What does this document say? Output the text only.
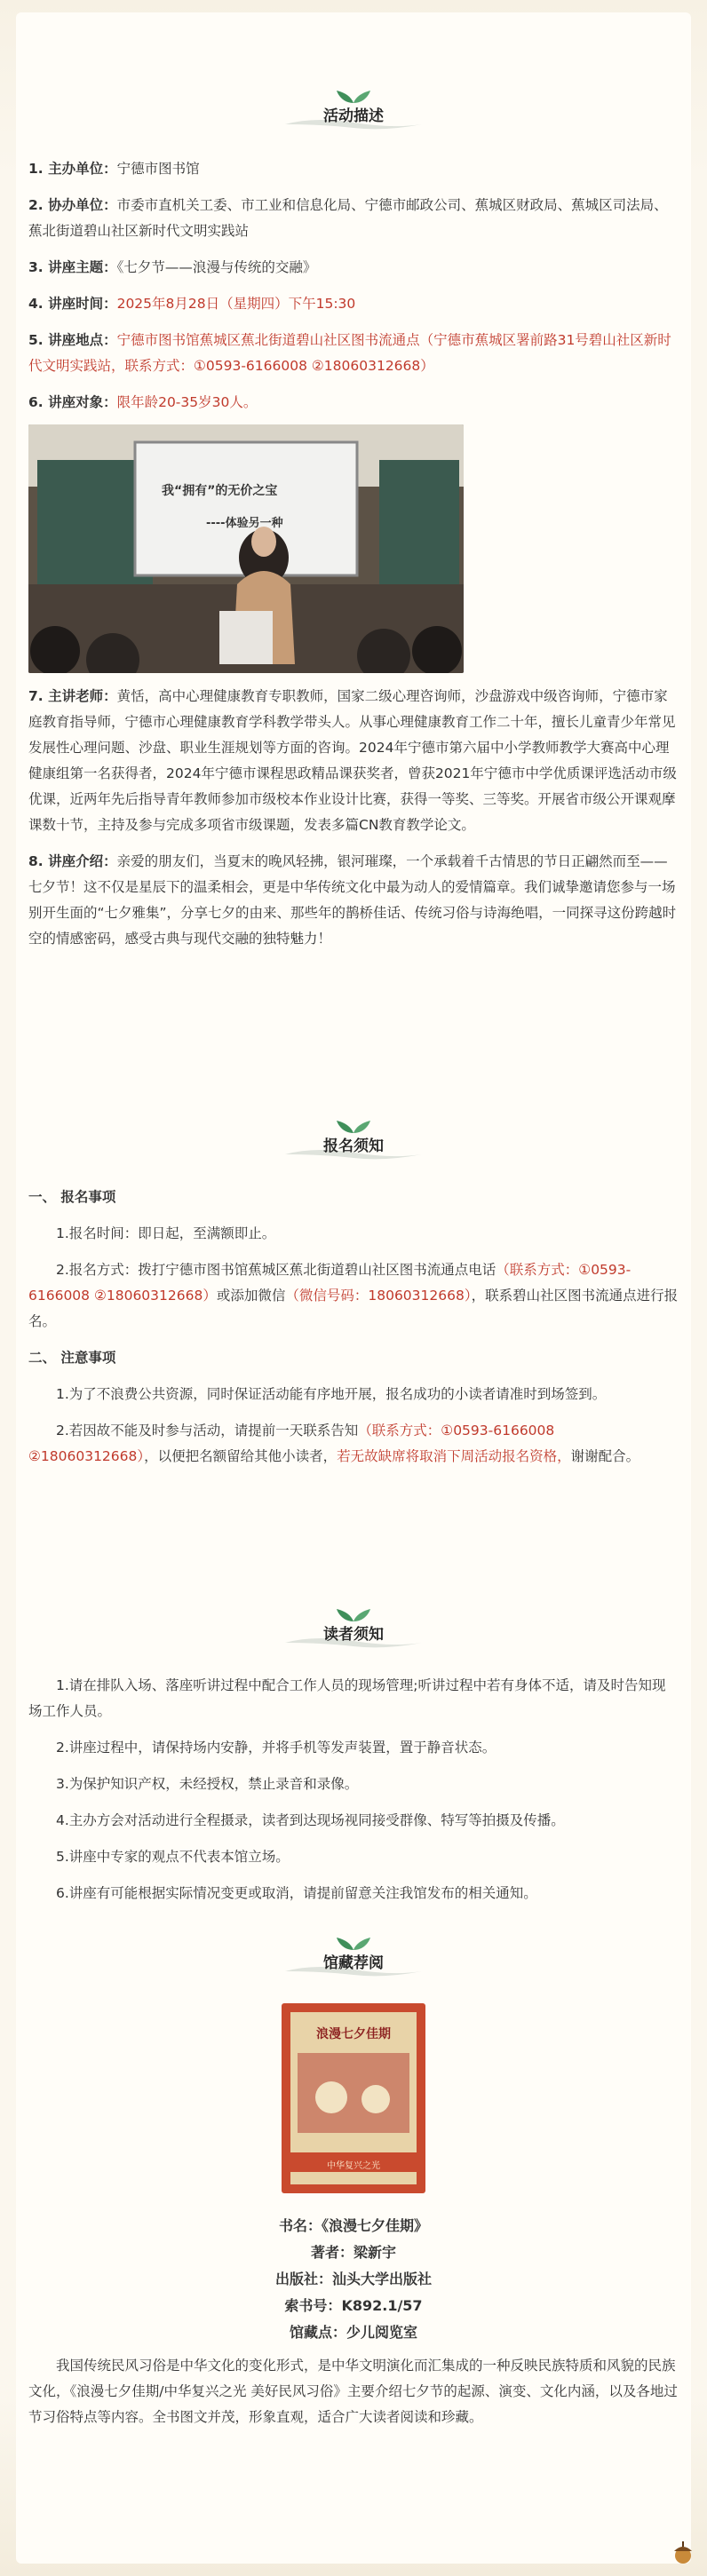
活动描述

1. 主办单位：宁德市图书馆

2. 协办单位：市委市直机关工委、市工业和信息化局、宁德市邮政公司、蕉城区财政局、蕉城区司法局、蕉北街道碧山社区新时代文明实践站

3. 讲座主题：《七夕节——浪漫与传统的交融》

4. 讲座时间：2025年8月28日（星期四）下午15:30

5. 讲座地点：宁德市图书馆蕉城区蕉北街道碧山社区图书流通点（宁德市蕉城区署前路31号碧山社区新时代文明实践站，联系方式：①0593-6166008 ②18060312668）

6. 讲座对象：限年龄20-35岁30人。

我“拥有”的无价之宝
----体验另一种

7. 主讲老师：黄恬，高中心理健康教育专职教师，国家二级心理咨询师，沙盘游戏中级咨询师，宁德市家庭教育指导师，宁德市心理健康教育学科教学带头人。从事心理健康教育工作二十年，擅长儿童青少年常见发展性心理问题、沙盘、职业生涯规划等方面的咨询。2024年宁德市第六届中小学教师教学大赛高中心理健康组第一名获得者，2024年宁德市课程思政精品课获奖者，曾获2021年宁德市中学优质课评选活动市级优课，近两年先后指导青年教师参加市级校本作业设计比赛，获得一等奖、三等奖。开展省市级公开课观摩课数十节，主持及参与完成多项省市级课题，发表多篇CN教育教学论文。

8. 讲座介绍：亲爱的朋友们，当夏末的晚风轻拂，银河璀璨，一个承载着千古情思的节日正翩然而至——七夕节！这不仅是星辰下的温柔相会，更是中华传统文化中最为动人的爱情篇章。我们诚挚邀请您参与一场别开生面的“七夕雅集”，分享七夕的由来、那些年的鹊桥佳话、传统习俗与诗海绝唱，一同探寻这份跨越时空的情感密码，感受古典与现代交融的独特魅力！

报名须知

一、 报名事项

1.报名时间：即日起，至满额即止。

2.报名方式：拨打宁德市图书馆蕉城区蕉北街道碧山社区图书流通点电话（联系方式：①0593-6166008 ②18060312668）或添加微信（微信号码：18060312668），联系碧山社区图书流通点进行报名。

二、 注意事项

1.为了不浪费公共资源，同时保证活动能有序地开展，报名成功的小读者请准时到场签到。

2.若因故不能及时参与活动，请提前一天联系告知（联系方式：①0593-6166008 ②18060312668），以便把名额留给其他小读者，若无故缺席将取消下周活动报名资格，谢谢配合。

读者须知

1.请在排队入场、落座听讲过程中配合工作人员的现场管理;听讲过程中若有身体不适，请及时告知现场工作人员。

2.讲座过程中，请保持场内安静，并将手机等发声装置，置于静音状态。

3.为保护知识产权，未经授权，禁止录音和录像。

4.主办方会对活动进行全程摄录，读者到达现场视同接受群像、特写等拍摄及传播。

5.讲座中专家的观点不代表本馆立场。

6.讲座有可能根据实际情况变更或取消，请提前留意关注我馆发布的相关通知。

馆藏荐阅
浪漫七夕佳期
中华复兴之光

书名：《浪漫七夕佳期》

著者：梁新宇

出版社：汕头大学出版社

索书号：K892.1/57

馆藏点：少儿阅览室

我国传统民风习俗是中华文化的变化形式，是中华文明演化而汇集成的一种反映民族特质和风貌的民族文化，《浪漫七夕佳期/中华复兴之光 美好民风习俗》主要介绍七夕节的起源、演变、文化内涵，以及各地过节习俗特点等内容。全书图文并茂，形象直观，适合广大读者阅读和珍藏。
